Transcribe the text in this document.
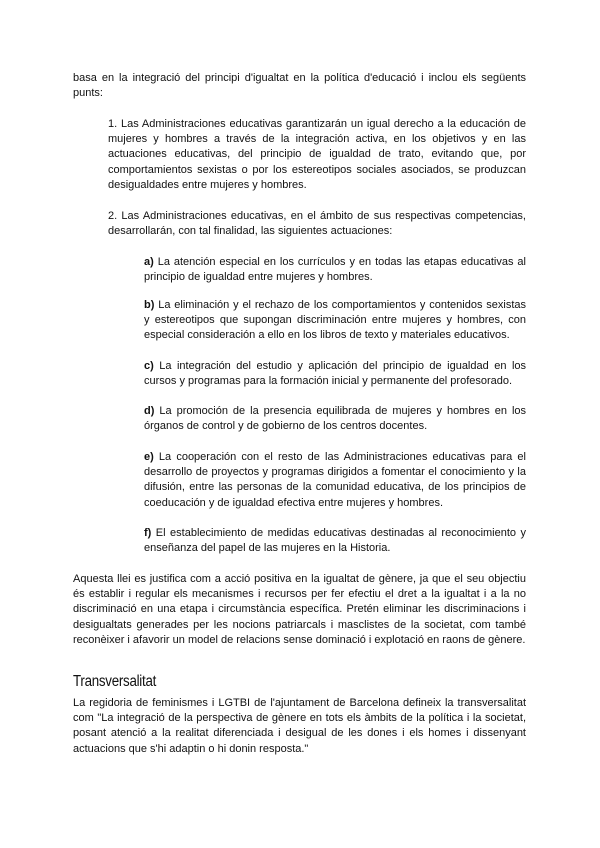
basa en la integració del principi d'igualtat en la política d'educació i inclou els següents punts:

1. Las Administraciones educativas garantizarán un igual derecho a la educación de mujeres y hombres a través de la integración activa, en los objetivos y en las actuaciones educativas, del principio de igualdad de trato, evitando que, por comportamientos sexistas o por los estereotipos sociales asociados, se produzcan desigualdades entre mujeres y hombres.

2. Las Administraciones educativas, en el ámbito de sus respectivas competencias, desarrollarán, con tal finalidad, las siguientes actuaciones:

a) La atención especial en los currículos y en todas las etapas educativas al principio de igualdad entre mujeres y hombres.

b) La eliminación y el rechazo de los comportamientos y contenidos sexistas y estereotipos que supongan discriminación entre mujeres y hombres, con especial consideración a ello en los libros de texto y materiales educativos.

c) La integración del estudio y aplicación del principio de igualdad en los cursos y programas para la formación inicial y permanente del profesorado.

d) La promoción de la presencia equilibrada de mujeres y hombres en los órganos de control y de gobierno de los centros docentes.

e) La cooperación con el resto de las Administraciones educativas para el desarrollo de proyectos y programas dirigidos a fomentar el conocimiento y la difusión, entre las personas de la comunidad educativa, de los principios de coeducación y de igualdad efectiva entre mujeres y hombres.

f) El establecimiento de medidas educativas destinadas al reconocimiento y enseñanza del papel de las mujeres en la Historia.

Aquesta llei es justifica com a acció positiva en la igualtat de gènere, ja que el seu objectiu és establir i regular els mecanismes i recursos per fer efectiu el dret a la igualtat i a la no discriminació en una etapa i circumstància específica. Pretén eliminar les discriminacions i desigualtats generades per les nocions patriarcals i masclistes de la societat, com també reconèixer i afavorir un model de relacions sense dominació i explotació en raons de gènere.

Transversalitat

La regidoria de feminismes i LGTBI de l'ajuntament de Barcelona defineix la transversalitat com "La integració de la perspectiva de gènere en tots els àmbits de la política i la societat, posant atenció a la realitat diferenciada i desigual de les dones i els homes i dissenyant actuacions que s'hi adaptin o hi donin resposta."
